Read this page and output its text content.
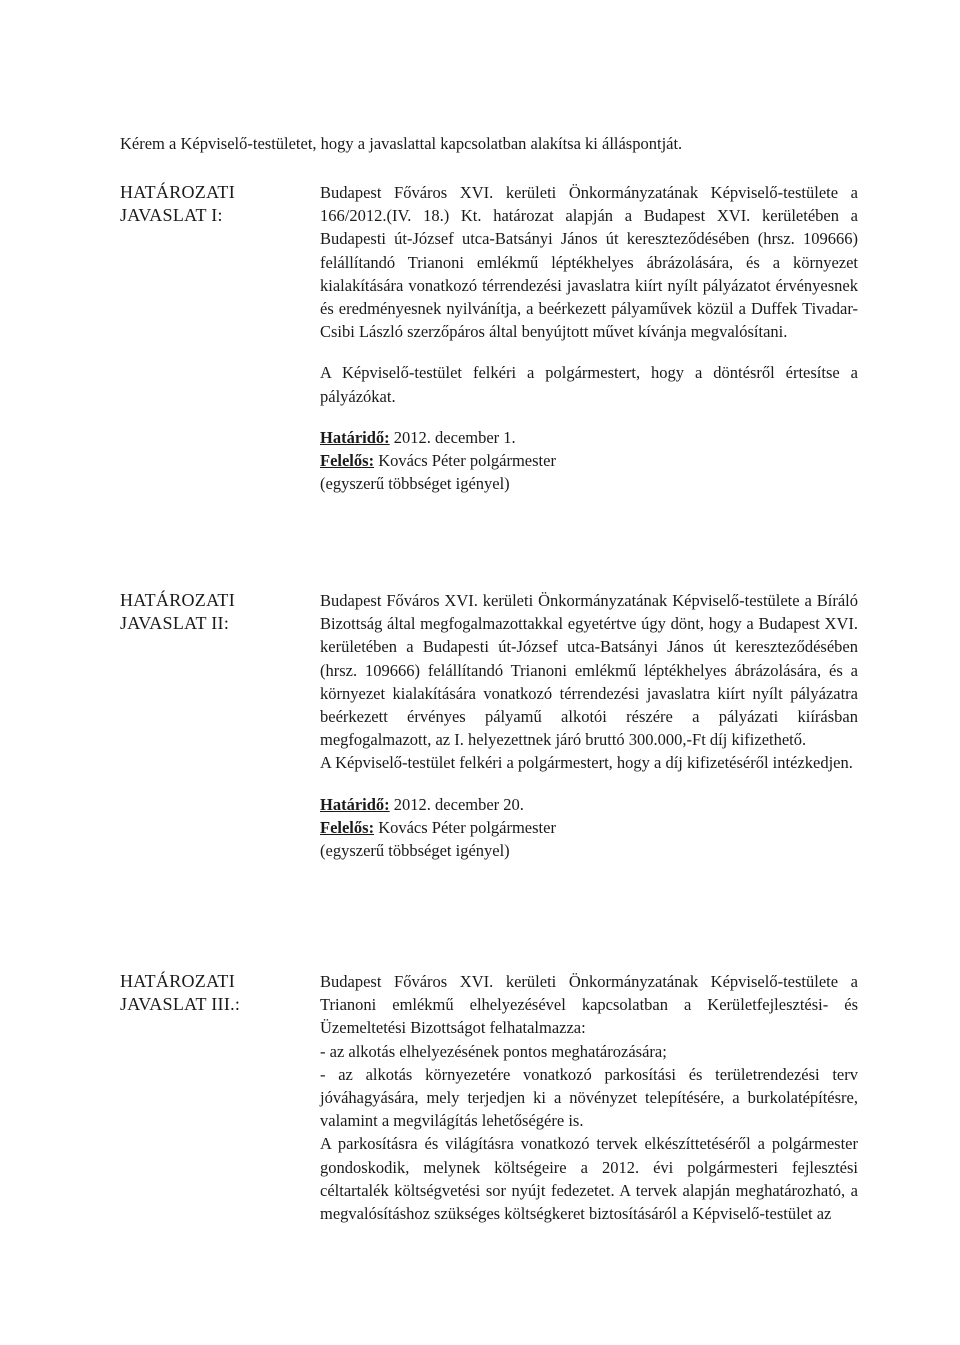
Kérem a Képviselő-testületet, hogy a javaslattal kapcsolatban alakítsa ki álláspontját.
HATÁROZATI
JAVASLAT I:

Budapest Főváros XVI. kerületi Önkormányzatának Képviselő-testülete a 166/2012.(IV. 18.) Kt. határozat alapján a Budapest XVI. kerületében a Budapesti út-József utca-Batsányi János út kereszteződésében (hrsz. 109666) felállítandó Trianoni emlékmű léptékhelyes ábrázolására, és a környezet kialakítására vonatkozó térrendezési javaslatra kiírt nyílt pályázatot érvényesnek és eredményesnek nyilvánítja, a beérkezett pályaművek közül a Duffek Tivadar-Csibi László szerzőpáros által benyújtott művet kívánja megvalósítani.

A Képviselő-testület felkéri a polgármestert, hogy a döntésről értesítse a pályázókat.

Határidő: 2012. december 1.
Felelős: Kovács Péter polgármester
(egyszerű többséget igényel)
HATÁROZATI
JAVASLAT II:

Budapest Főváros XVI. kerületi Önkormányzatának Képviselő-testülete a Bíráló Bizottság által megfogalmazottakkal egyetértve úgy dönt, hogy a Budapest XVI. kerületében a Budapesti út-József utca-Batsányi János út kereszteződésében (hrsz. 109666) felállítandó Trianoni emlékmű léptékhelyes ábrázolására, és a környezet kialakítására vonatkozó térrendezési javaslatra kiírt nyílt pályázatra beérkezett érvényes pályamű alkotói részére a pályázati kiírásban megfogalmazott, az I. helyezettnek járó bruttó 300.000,-Ft díj kifizethető.

A Képviselő-testület felkéri a polgármestert, hogy a díj kifizetéséről intézkedjen.

Határidő: 2012. december 20.
Felelős: Kovács Péter polgármester
(egyszerű többséget igényel)
HATÁROZATI
JAVASLAT III.:

Budapest Főváros XVI. kerületi Önkormányzatának Képviselő-testülete a Trianoni emlékmű elhelyezésével kapcsolatban a Kerületfejlesztési- és Üzemeltetési Bizottságot felhatalmazza:

- az alkotás elhelyezésének pontos meghatározására;

- az alkotás környezetére vonatkozó parkosítási és területrendezési terv jóváhagyására, mely terjedjen ki a növényzet telepítésére, a burkolatépítésre, valamint a megvilágítás lehetőségére is.

A parkosításra és világításra vonatkozó tervek elkészíttetéséről a polgármester gondoskodik, melynek költségeire a 2012. évi polgármesteri fejlesztési céltartalék költségvetési sor nyújt fedezetet. A tervek alapján meghatározható, a megvalósításhoz szükséges költségkeret biztosításáról a Képviselő-testület az
